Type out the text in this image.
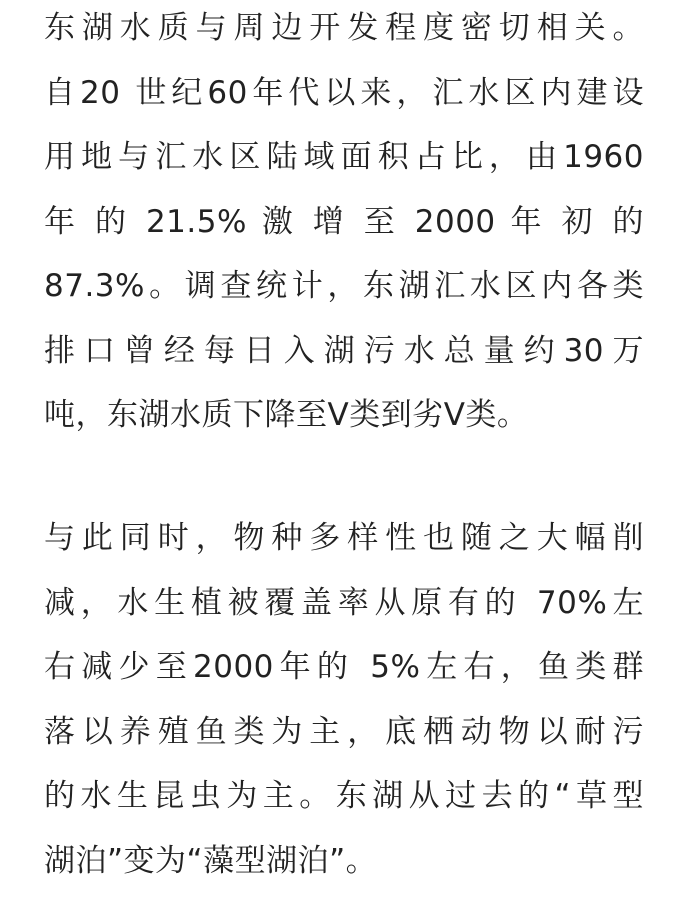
东湖水质与周边开发程度密切相关。
自20 世纪60年代以来，汇水区内建设
用地与汇水区陆域面积占比，由1960
年 的 21.5% 激 增 至 2000 年 初 的
87.3%。调查统计，东湖汇水区内各类
排口曾经每日入湖污水总量约30万
吨，东湖水质下降至V类到劣V类。
与此同时，物种多样性也随之大幅削
减，水生植被覆盖率从原有的 70%左
右减少至2000年的 5%左右，鱼类群
落以养殖鱼类为主，底栖动物以耐污
的水生昆虫为主。东湖从过去的“草型
湖泊”变为“藻型湖泊”。
